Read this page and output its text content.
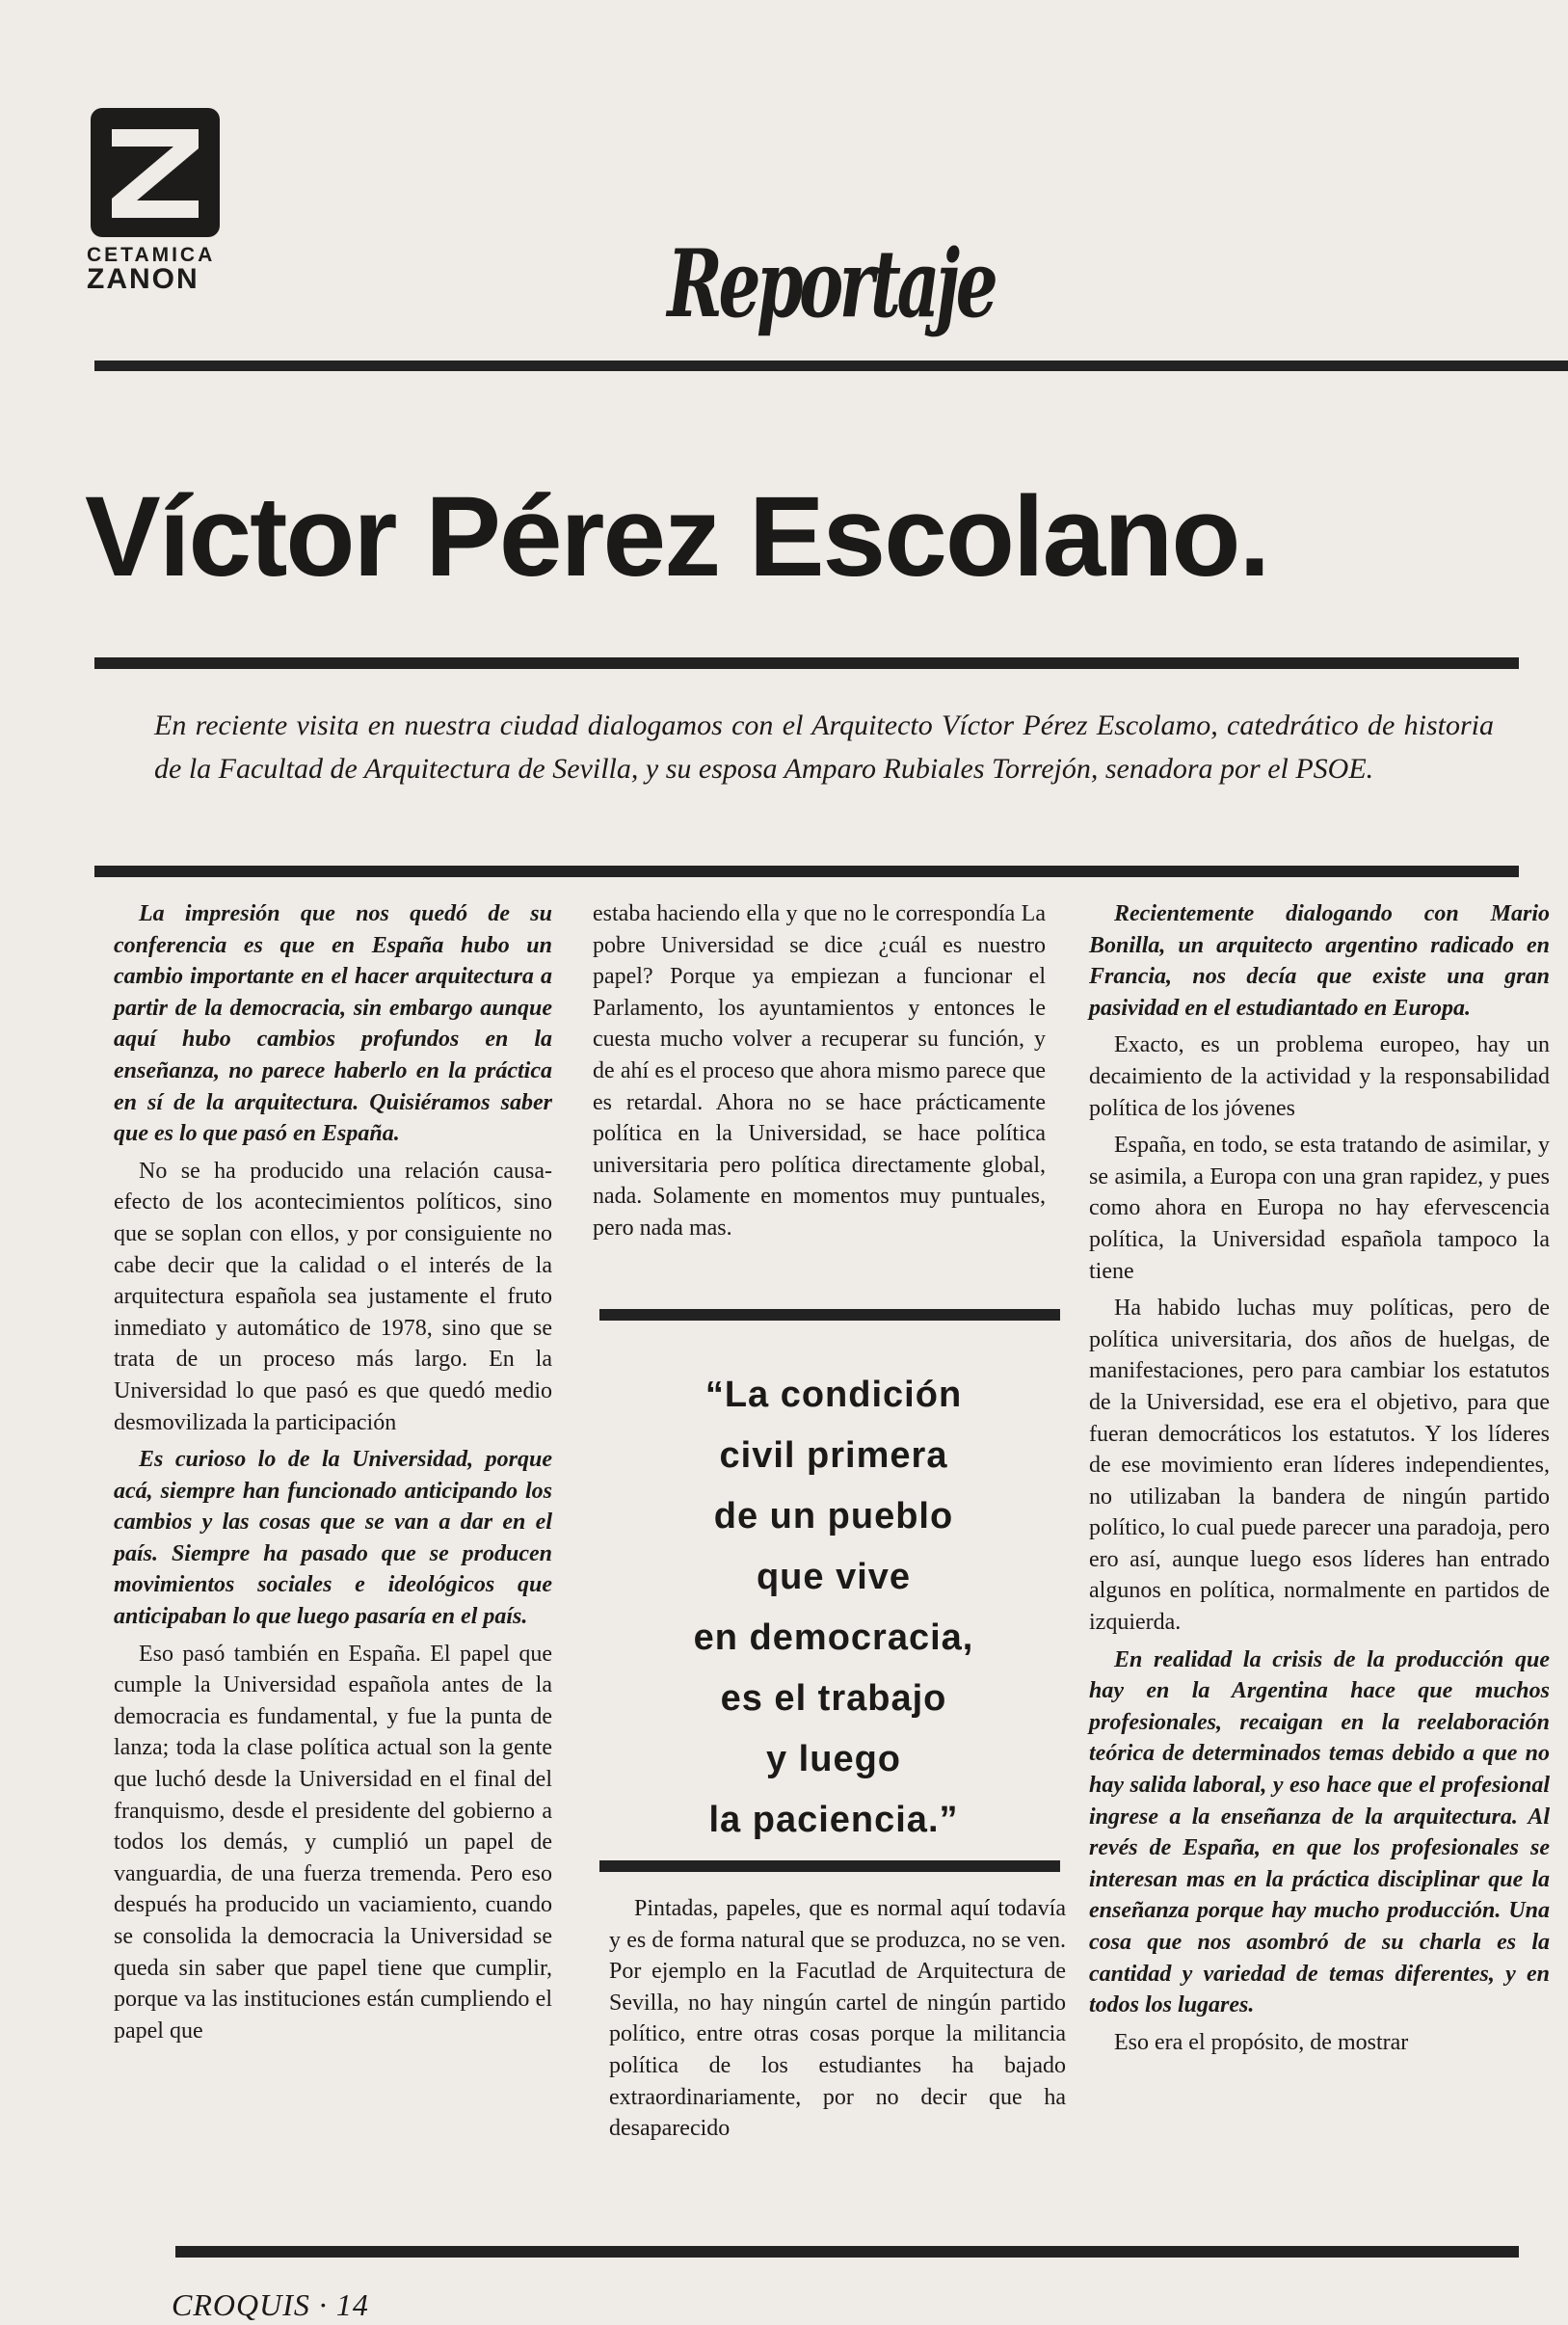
CETAMICA
ZANON	Reportaje
Víctor Pérez Escolano.
En reciente visita en nuestra ciudad dialogamos con el Arquitecto Víctor Pérez Escolamo, catedrático de historia de la Facultad de Arquitectura de Sevilla, y su esposa Amparo Rubiales Torrejón, senadora por el PSOE.

La impresión que nos quedó de su conferencia es que en España hubo un cambio importante en el hacer arquitectura a partir de la democracia, sin embargo aunque aquí hubo cambios profundos en la enseñanza, no parece haberlo en la práctica en sí de la arquitectura. Quisiéramos saber que es lo que pasó en España.

No se ha producido una relación causa-efecto de los acontecimientos políticos, sino que se soplan con ellos, y por consiguiente no cabe decir que la calidad o el interés de la arquitectura española sea justamente el fruto inmediato y automático de 1978, sino que se trata de un proceso más largo. En la Universidad lo que pasó es que quedó medio desmovilizada la participación

Es curioso lo de la Universidad, porque acá, siempre han funcionado anticipando los cambios y las cosas que se van a dar en el país. Siempre ha pasado que se producen movimientos sociales e ideológicos que anticipaban lo que luego pasaría en el país.

Eso pasó también en España. El papel que cumple la Universidad española antes de la democracia es fundamental, y fue la punta de lanza; toda la clase política actual son la gente que luchó desde la Universidad en el final del franquismo, desde el presidente del gobierno a todos los demás, y cumplió un papel de vanguardia, de una fuerza tremenda. Pero eso después ha producido un vaciamiento, cuando se consolida la democracia la Universidad se queda sin saber que papel tiene que cumplir, porque va las instituciones están cumpliendo el papel que

estaba haciendo ella y que no le correspondía La pobre Universidad se dice ¿cuál es nuestro papel? Porque ya empiezan a funcionar el Parlamento, los ayuntamientos y entonces le cuesta mucho volver a recuperar su función, y de ahí es el proceso que ahora mismo parece que es retardal. Ahora no se hace prácticamente política en la Universidad, se hace política universitaria pero política directamente global, nada. Solamente en momentos muy puntuales, pero nada mas.

“La condición
civil primera
de un pueblo
que vive
en democracia,
es el trabajo
y luego
la paciencia.”

Pintadas, papeles, que es normal aquí todavía y es de forma natural que se produzca, no se ven. Por ejemplo en la Facutlad de Arquitectura de Sevilla, no hay ningún cartel de ningún partido político, entre otras cosas porque la militancia política de los estudiantes ha bajado extraordinariamente, por no decir que ha desaparecido

Recientemente dialogando con Mario Bonilla, un arquitecto argentino radicado en Francia, nos decía que existe una gran pasividad en el estudiantado en Europa.

Exacto, es un problema europeo, hay un decaimiento de la actividad y la responsabilidad política de los jóvenes

España, en todo, se esta tratando de asimilar, y se asimila, a Europa con una gran rapidez, y pues como ahora en Europa no hay efervescencia política, la Universidad española tampoco la tiene

Ha habido luchas muy políticas, pero de política universitaria, dos años de huelgas, de manifestaciones, pero para cambiar los estatutos de la Universidad, ese era el objetivo, para que fueran democráticos los estatutos. Y los líderes de ese movimiento eran líderes independientes, no utilizaban la bandera de ningún partido político, lo cual puede parecer una paradoja, pero ero así, aunque luego esos líderes han entrado algunos en política, normalmente en partidos de izquierda.

En realidad la crisis de la producción que hay en la Argentina hace que muchos profesionales, recaigan en la reelaboración teórica de determinados temas debido a que no hay salida laboral, y eso hace que el profesional ingrese a la enseñanza de la arquitectura. Al revés de España, en que los profesionales se interesan mas en la práctica disciplinar que la enseñanza porque hay mucho producción. Una cosa que nos asombró de su charla es la cantidad y variedad de temas diferentes, y en todos los lugares.

Eso era el propósito, de mostrar

CROQUIS · 14
